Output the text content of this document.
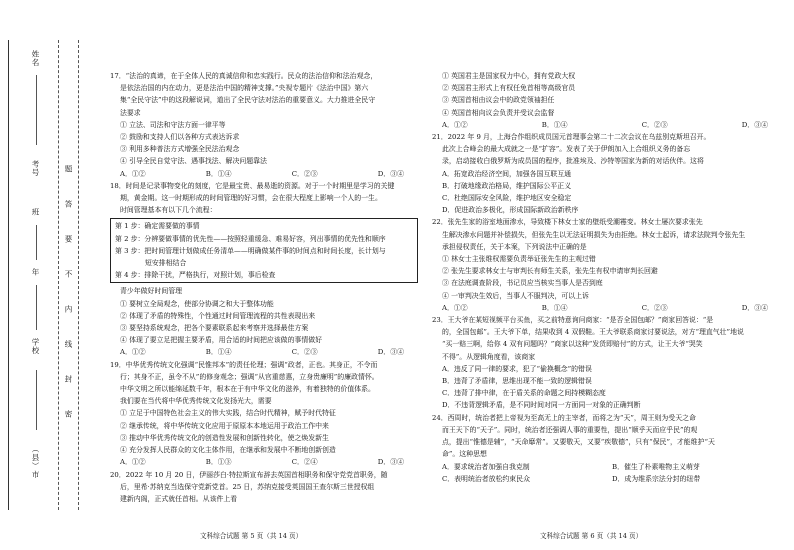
（县）市
学校
年
班
考号
姓名
密
封
线
内
不
要
答
题

17．“法治的真谛，在于全体人民的真诚信仰和忠实践行。民众的法治信仰和法治观念，

是依法治国的内在动力，更是法治中国的精神支撑。”央视专题片《法治中国》第六

集“全民守法”中的这段解说词，道出了全民守法对法治的重要意义。大力推进全民守

法要求

① 立法、司法和守法方面一律平等

② 鼓励和支持人们以各种方式表达诉求

③ 利用多种普法方式增强全民法治观念

④ 引导全民自觉守法、遇事找法、解决问题靠法

A．①②	B．①④	C．②③	D．③④

18．时间是记录事物变化的刻度，它是最宝贵、最易逝的资源。对于一个时期里是学习的关键

期，黄金期。这一时期形成的时间管理的好习惯，会在很大程度上影响一个人的一生。

时间管理基本有以下几个流程：

第 1 步：确定需要做的事情

第 2 步：分辨要做事情的优先性——按照轻重缓急、难易好容，列出事情的优先性和顺序

第 3 步：把时间管理计划做成任务清单——明确做某件事的时间点和时间长度，长计划与

短安排相结合

第 4 步：排除干扰，严格执行，对照计划，事后检查

青少年做好时间管理

① 要树立全局观念，使部分协调之和大于整体功能

② 体现了矛盾的特殊性，个性通过时间管理流程的共性表现出来

③ 要坚持系统观念，把各个要素联系起来考察并选择最佳方案

④ 体现了要立足把握主要矛盾，用合适的时间把应该做的事情做好

A．①②	B．①④	C．②③	D．③④

19．中华优秀传统文化强调“民惟邦本”的责任伦理；强调“政者，正也。其身正，不令而

行；其身不正，虽令不从”的修身观念；强调“从官重慈惠，立身贵廉明”的廉政情怀。

中华文明之所以能绵延数千年，根本在于有中华文化的滋养，有着独特的价值体系。

我们要在当代将中华优秀传统文化发扬光大，需要

① 立足于中国特色社会主义的伟大实践，结合时代精神，赋予时代特征

② 继承传统，将中华传统文化应用于原原本本地运用于政治工作中来

③ 推动中华优秀传统文化的创造性发展和创新性转化，使之焕发新生

④ 充分发挥人民群众的文化主体作用，在继承和发展中不断地创新创造

A．①②	B．①③	C．②④	D．③④

20．2022 年 10 月 20 日，伊丽莎白·特拉斯宣布辞去英国首相职务和保守党党首职务，随

后，里希·苏纳克当选保守党新党首。25 日，苏纳克接受英国国王查尔斯三世授权组

建新内阁，正式就任首相。从该件上看

文科综合试题 第 5 页（共 14 页）

① 英国君主是国家权力中心，拥有党政大权

② 英国君主形式上有权任免首相等高级官员

③ 英国首相由议会中的政党领袖担任

④ 英国首相向议会负责并受议会监督

A．①②	B．①④	C．②③	D．③④

21．2022 年 9 月，上海合作组织成员国元首理事会第二十二次会议在乌兹别克斯坦召开。

此次上合峰会的最大成就之一是“扩容”。发表了关于伊朗加入上合组织义务的备忘

录，启动接收白俄罗斯为成员国的程序，批准埃及、沙特等国家为新的对话伙伴。这将

A．拓宽政治经济空间，加强各国互联互通

B．打破地缘政治格局，维护国际公平正义

C．杜绝国际安全风险，维护地区安全稳定

D．促进政治多极化，形成国际新政治新秩序

22．张先生家的浴室地面渗水，导致楼下林女士家的壁纸受潮霉变。林女士屡次要求张先

生解决渗水问题并补偿损失，但张先生以无法证明损失为由拒绝。林女士起诉，请求法院判令张先生

承担侵权责任，关于本案，下列说法中正确的是

① 林女士主张维权需要负责举证张先生的主观过错

② 张先生要求林女士与审判长有师生关系，张先生有权申请审判长回避

③ 在法庭调查阶段，书记员应当核实当事人是否到庭

④ 一审判决生效后，当事人不服判决，可以上诉

A．①②	B．①④	C．②③	D．③④

23．王大爷在某短视频平台买鱼，买之前特意询问商家：“是否全国包邮？”商家回答说：“是

的，全国包邮”。王大爷下单，结果收到 4 双假鞋。王大爷联系商家讨要说法，对方“理直气壮”地说

“买一赔三啊，给你 4 双有问题吗？”商家以这种“发货即赔付”的方式，让王大爷“哭笑

不得”。从逻辑角度看，该商家

A．违反了同一律的要求，犯了“偷换概念”的错误

B．违背了矛盾律，思维出现不能一致的逻辑错误

C．违背了排中律，在于盾关系的命题之间持模糊态度

D．不违背逻辑矛盾，是不同时间对同一方面同一对象的正确判断

24．西周时，统治者把上帝视为至高无上的主宰者，而将之为“天”，周王则为受天之命

而王天下的“天子”。同时，统治者还强调人事的重要性，提出“顺乎天而应乎民”的观

点，提出“惟德是辅”，“天命靡常”。又要敬天，又要“疾敬德”，只有“保民”，才能维护“天

命”。这种思想

A．要求统治者加强自我克制	B．催生了朴素唯物主义萌芽
C．表明统治者放松约束民众	D．成为维系宗法分封的纽带
文科综合试题 第 6 页（共 14 页）
